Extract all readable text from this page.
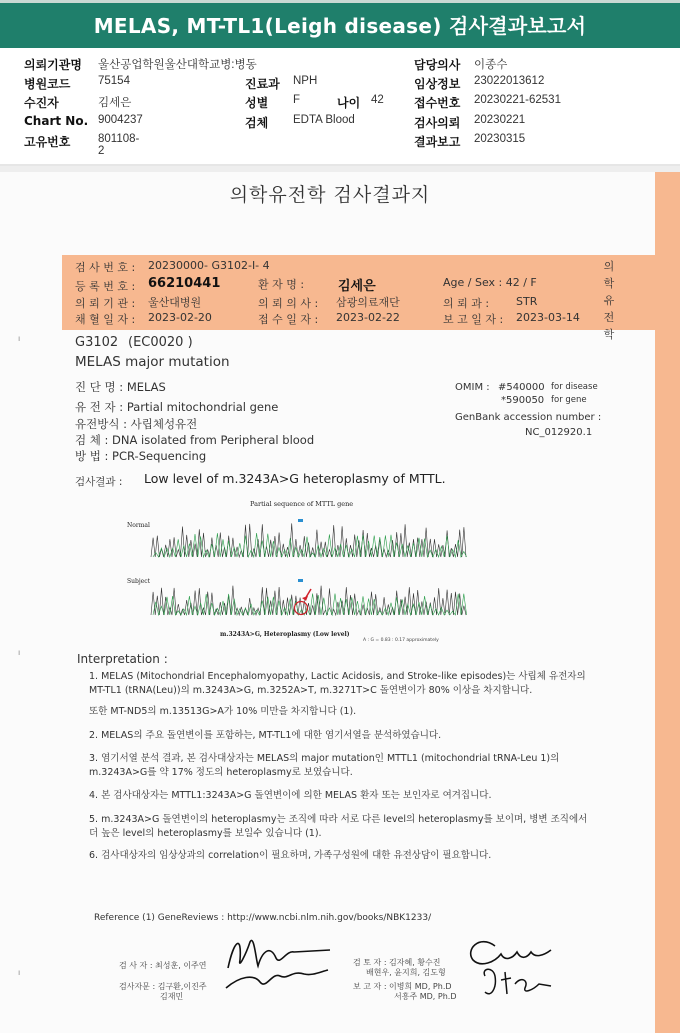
MELAS, MT-TL1(Leigh disease) 검사결과보고서
의뢰기관명 울산공업학원울산대학교병:병동
병원코드 75154
수진자	김세은
Chart No. 9004237
고유번호 801108-2
진료과 NPH
성별 F	나이 42
검체 EDTA Blood
담당의사 이종수
임상정보 23022013612
접수번호 20230221-62531
검사의뢰 20230221
결과보고 20230315
의학유전학 검사결과지
검 사 번 호 : 20230000- G3102-I- 4
등 록 번 호 : 66210441	환 자 명 :	김세은	Age / Sex : 42 / F
의 뢰 기 관 : 울산대병원	의 뢰 의 사 : 삼광의료재단	의 뢰 과 : STR
채 혈 일 자 : 2023-02-20	접 수 일 자 : 2023-02-22	보 고 일 자 : 2023-03-14
의
학
유
전
학
G3102 (EC0020 )
MELAS major mutation
진 단 명 : MELAS
유 전 자 : Partial mitochondrial gene
유전방식 : 사립체성유전
검 체 : DNA isolated from Peripheral blood
방 법 : PCR-Sequencing
OMIM : #540000 for disease
*590050 for gene
GenBank accession number :
NC_012920.1
검사결과 : Low level of m.3243A>G heteroplasmy of MTTL.
Partial sequence of MTTL gene
Normal
Subject
m.3243A>G, Heteroplasmy (Low level)
A : G = 0.83 : 0.17 approximately
Interpretation :
1. MELAS (Mitochondrial Encephalomyopathy, Lactic Acidosis, and Stroke-like episodes)는 사립체 유전자의 MT-TL1 (tRNA(Leu))의 m.3243A>G, m.3252A>T, m.3271T>C 돌연변이가 80% 이상을 차지합니다.
또한 MT-ND5의 m.13513G>A가 10% 미만을 차지합니다 (1).
2. MELAS의 주요 돌연변이를 포함하는, MT-TL1에 대한 염기서열을 분석하였습니다.
3. 염기서열 분석 결과, 본 검사대상자는 MELAS의 major mutation인 MTTL1 (mitochondrial tRNA-Leu 1)의 m.3243A>G를 약 17% 정도의 heteroplasmy로 보였습니다.
4. 본 검사대상자는 MTTL1:3243A>G 돌연변이에 의한 MELAS 환자 또는 보인자로 여겨집니다.
5. m.3243A>G 돌연변이의 heteroplasmy는 조직에 따라 서로 다른 level의 heteroplasmy를 보이며, 병변 조직에서 더 높은 level의 heteroplasmy를 보일수 있습니다 (1).
6. 검사대상자의 임상상과의 correlation이 필요하며, 가족구성원에 대한 유전상담이 필요합니다.
Reference (1) GeneReviews : http://www.ncbi.nlm.nih.gov/books/NBK1233/
검 사 자 : 최성훈, 이주연
검사자문 : 김구환,이진주
김재민
검 토 자 : 김자혜, 황수진
배현우, 윤지희, 김도형
보 고 자 : 이병희 MD, Ph.D
서흥주 MD, Ph.D
ı
ı
ı
